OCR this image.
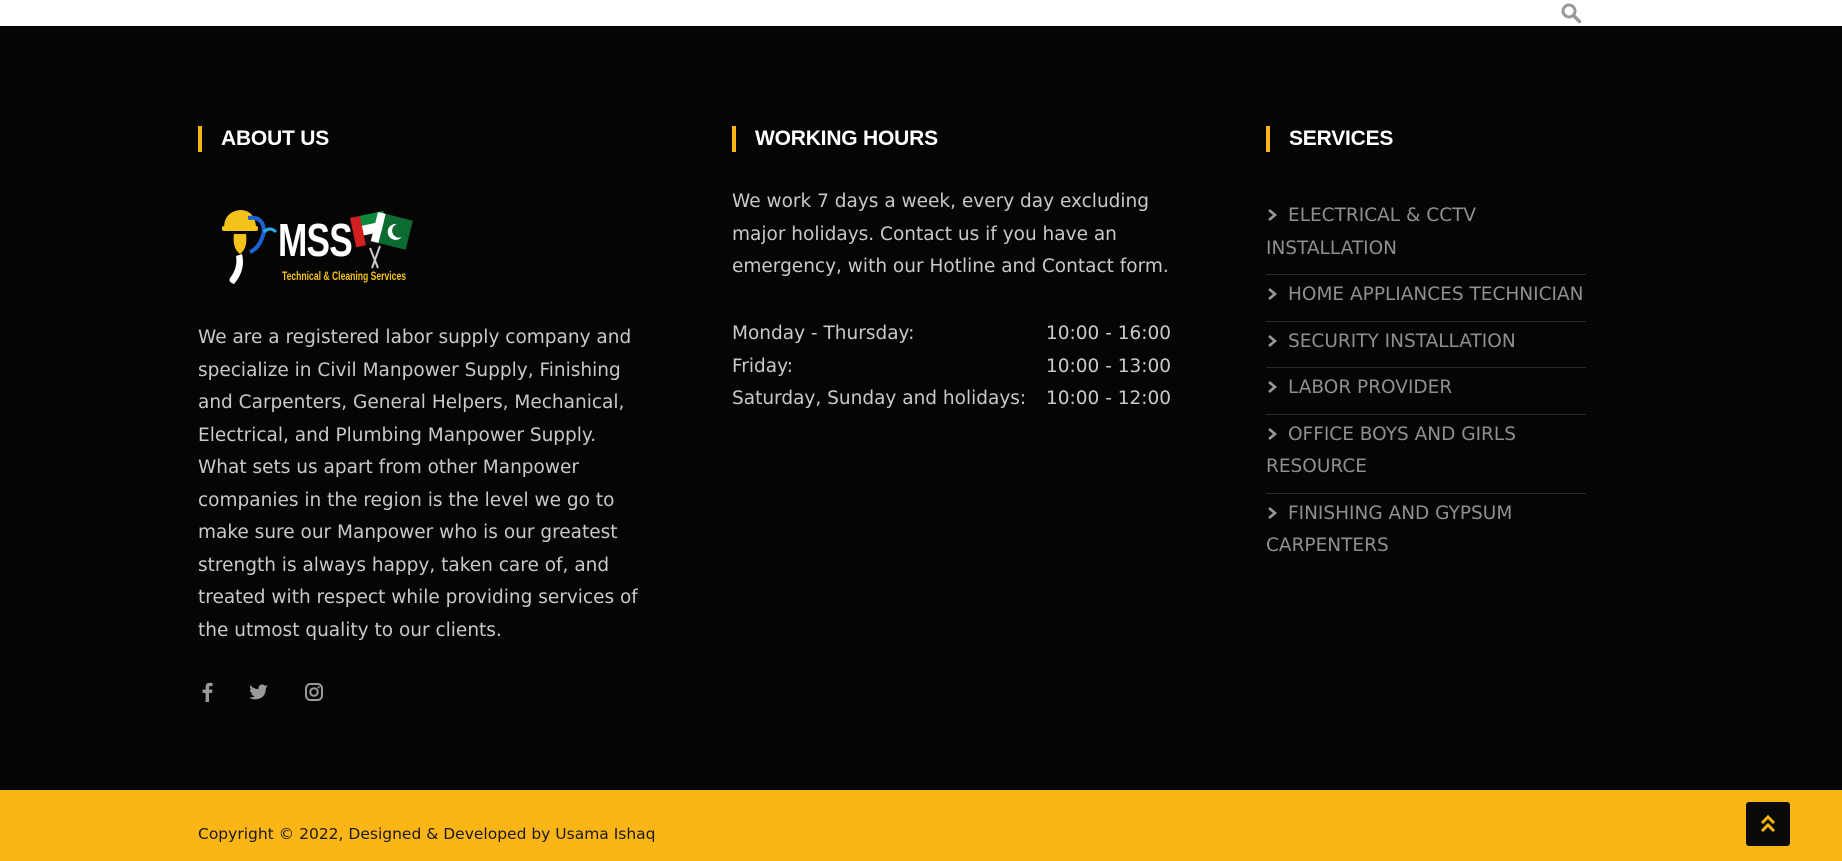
ABOUT US
MSS
Technical & Cleaning Services

We are a registered labor supply company and specialize in Civil Manpower Supply, Finishing and Carpenters, General Helpers, Mechanical, Electrical, and Plumbing Manpower Supply. What sets us apart from other Manpower companies in the region is the level we go to make sure our Manpower who is our greatest strength is always happy, taken care of, and treated with respect while providing services of the utmost quality to our clients.

WORKING HOURS

We work 7 days a week, every day excluding major holidays. Contact us if you have an emergency, with our Hotline and Contact form.

Monday - Thursday:	10:00 - 16:00
Friday:	10:00 - 13:00
Saturday, Sunday and holidays: 10:00 - 12:00
SERVICES
ELECTRICAL & CCTV INSTALLATION
HOME APPLIANCES TECHNICIAN
SECURITY INSTALLATION
LABOR PROVIDER
OFFICE BOYS AND GIRLS RESOURCE
FINISHING AND GYPSUM CARPENTERS
Copyright © 2022, Designed & Developed by Usama Ishaq
